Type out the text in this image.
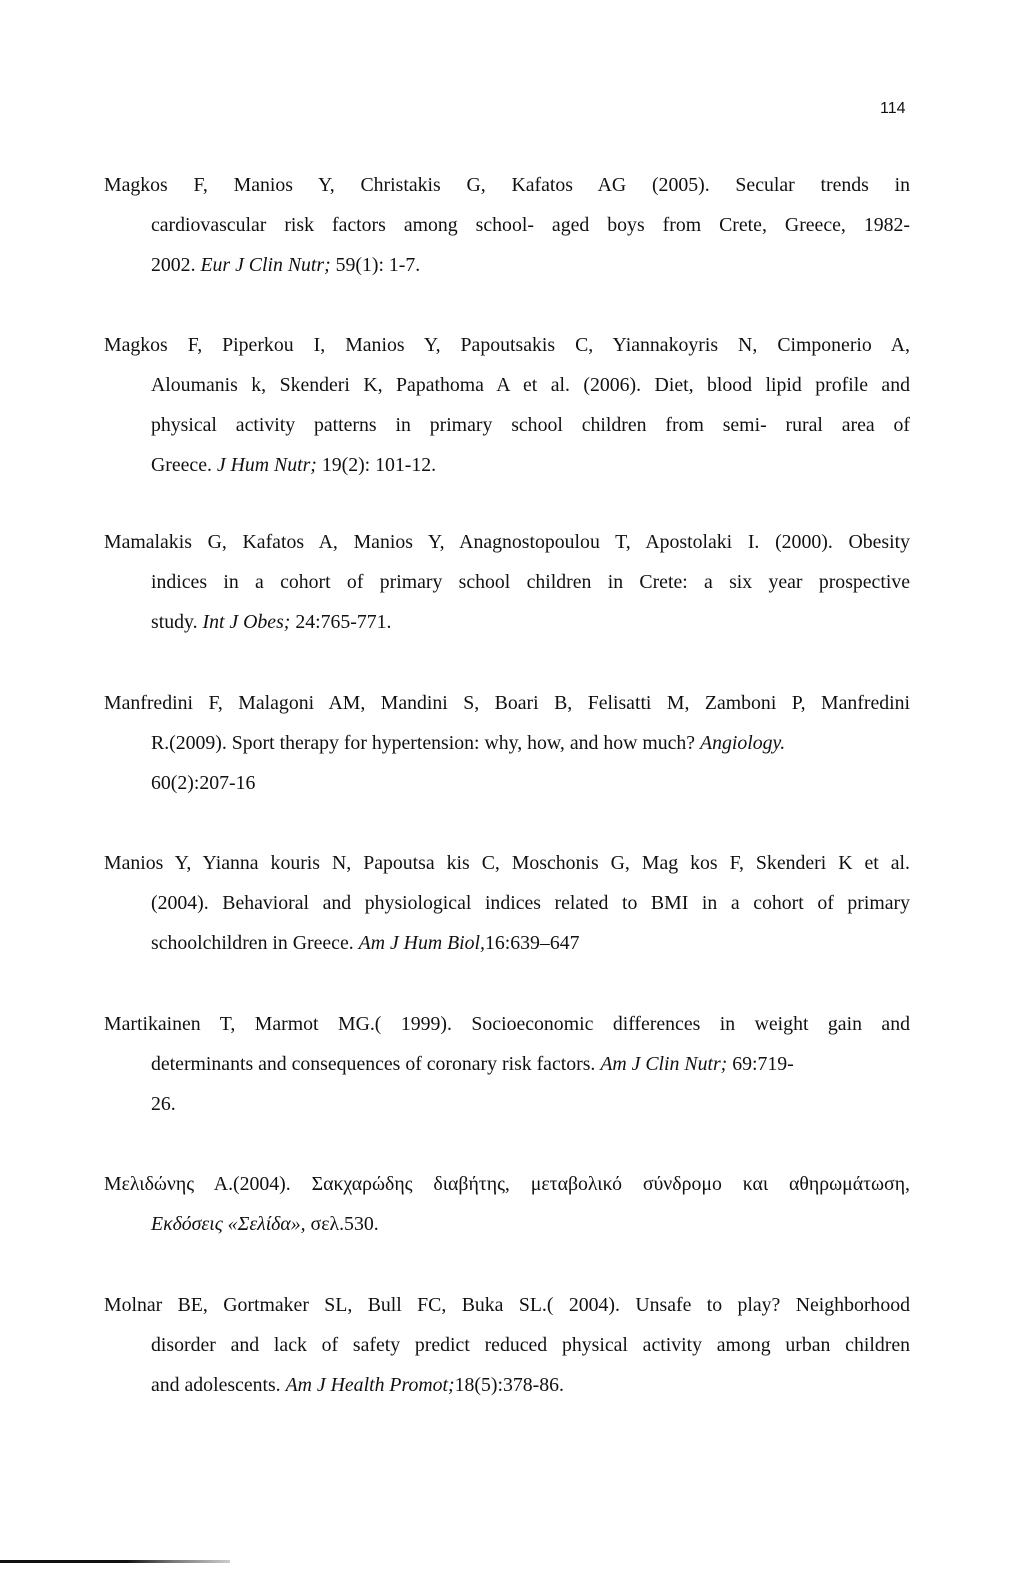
114
Magkos F, Manios Y, Christakis G, Kafatos AG (2005). Secular trends in
cardiovascular risk factors among school- aged boys from Crete, Greece, 1982-
2002. Eur J Clin Nutr; 59(1): 1-7.
Magkos F, Piperkou I, Manios Y, Papoutsakis C, Yiannakoyris N, Cimponerio A,
Aloumanis k, Skenderi K, Papathoma A et al. (2006). Diet, blood lipid profile and
physical activity patterns in primary school children from semi- rural area of
Greece. J Hum Nutr; 19(2): 101-12.
Mamalakis G, Kafatos A, Manios Y, Anagnostopoulou T, Apostolaki I. (2000). Obesity
indices in a cohort of primary school children in Crete: a six year prospective
study. Int J Obes; 24:765-771.
Manfredini F, Malagoni AM, Mandini S, Boari B, Felisatti M, Zamboni P, Manfredini
R.(2009). Sport therapy for hypertension: why, how, and how much? Angiology.
60(2):207-16
Manios Y, Yianna kouris N, Papoutsa kis C, Moschonis G, Mag kos F, Skenderi K et al.
(2004). Behavioral and physiological indices related to BMI in a cohort of primary
schoolchildren in Greece. Am J Hum Biol,16:639–647
Martikainen T, Marmot MG.( 1999). Socioeconomic differences in weight gain and
determinants and consequences of coronary risk factors. Am J Clin Nutr; 69:719-
26.
Μελιδώνης Α.(2004). Σακχαρώδης διαβήτης, μεταβολικό σύνδρομο και αθηρωμάτωση,
Εκδόσεις «Σελίδα», σελ.530.
Molnar BE, Gortmaker SL, Bull FC, Buka SL.( 2004). Unsafe to play? Neighborhood
disorder and lack of safety predict reduced physical activity among urban children
and adolescents. Am J Health Promot;18(5):378-86.
